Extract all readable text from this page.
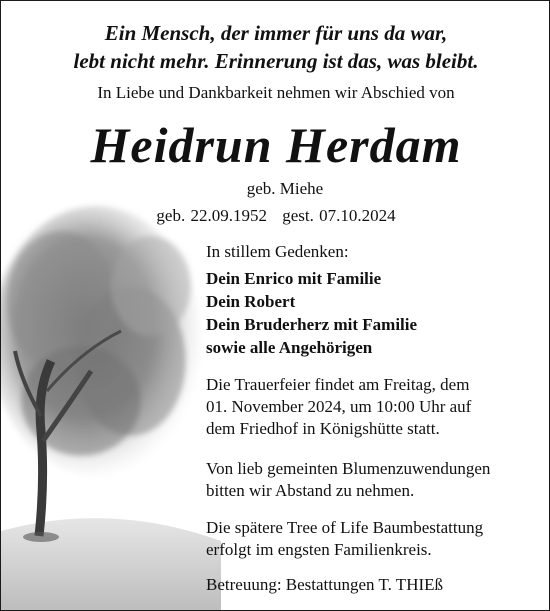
Ein Mensch, der immer für uns da war,
lebt nicht mehr. Erinnerung ist das, was bleibt.
In Liebe und Dankbarkeit nehmen wir Abschied von
Heidrun Herdam
geb. Miehe
geb. 22.09.1952 gest. 07.10.2024
In stillem Gedenken:
Dein Enrico mit Familie
Dein Robert
Dein Bruderherz mit Familie
sowie alle Angehörigen
Die Trauerfeier findet am Freitag, dem
01. November 2024, um 10:00 Uhr auf
dem Friedhof in Königshütte statt.
Von lieb gemeinten Blumenzuwendungen
bitten wir Abstand zu nehmen.
Die spätere Tree of Life Baumbestattung
erfolgt im engsten Familienkreis.
Betreuung: Bestattungen T. THIEß
